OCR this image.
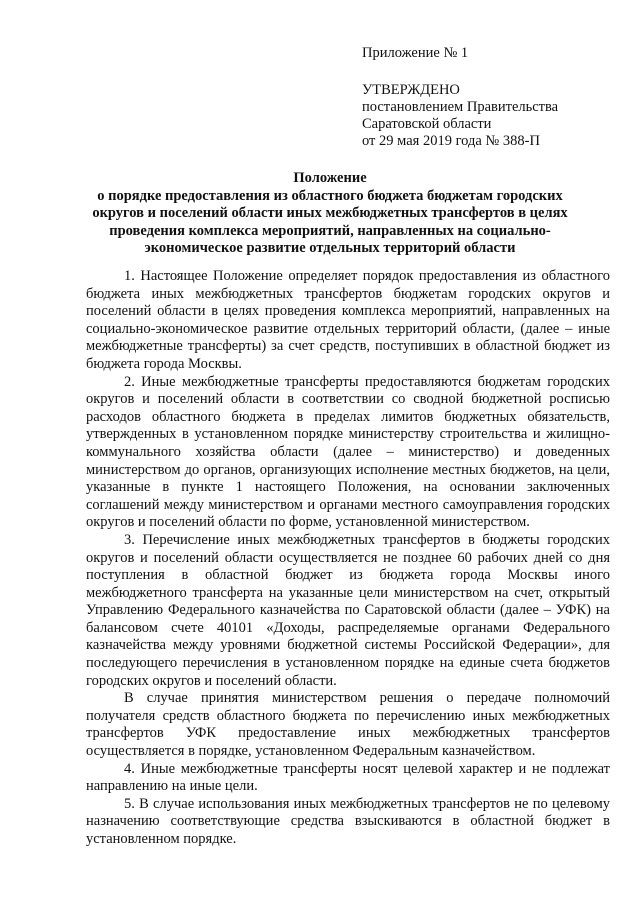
Приложение № 1
УТВЕРЖДЕНО
постановлением Правительства
Саратовской области
от 29 мая 2019 года № 388-П
Положение
о порядке предоставления из областного бюджета бюджетам городских
округов и поселений области иных межбюджетных трансфертов в целях
проведения комплекса мероприятий, направленных на социально-
экономическое развитие отдельных территорий области

1. Настоящее Положение определяет порядок предоставления из областного бюджета иных межбюджетных трансфертов бюджетам городских округов и поселений области в целях проведения комплекса мероприятий, направленных на социально-экономическое развитие отдельных территорий области, (далее – иные межбюджетные трансферты) за счет средств, поступивших в областной бюджет из бюджета города Москвы.

2. Иные межбюджетные трансферты предоставляются бюджетам городских округов и поселений области в соответствии со сводной бюджетной росписью расходов областного бюджета в пределах лимитов бюджетных обязательств, утвержденных в установленном порядке министерству строительства и жилищно-коммунального хозяйства области (далее – министерство) и доведенных министерством до органов, организующих исполнение местных бюджетов, на цели, указанные в пункте 1 настоящего Положения, на основании заключенных соглашений между министерством и органами местного самоуправления городских округов и поселений области по форме, установленной министерством.

3. Перечисление иных межбюджетных трансфертов в бюджеты городских округов и поселений области осуществляется не позднее 60 рабочих дней со дня поступления в областной бюджет из бюджета города Москвы иного межбюджетного трансферта на указанные цели министерством на счет, открытый Управлению Федерального казначейства по Саратовской области (далее – УФК) на балансовом счете 40101 «Доходы, распределяемые органами Федерального казначейства между уровнями бюджетной системы Российской Федерации», для последующего перечисления в установленном порядке на единые счета бюджетов городских округов и поселений области.

В случае принятия министерством решения о передаче полномочий получателя средств областного бюджета по перечислению иных межбюджетных трансфертов УФК предоставление иных межбюджетных трансфертов осуществляется в порядке, установленном Федеральным казначейством.

4. Иные межбюджетные трансферты носят целевой характер и не подлежат направлению на иные цели.

5. В случае использования иных межбюджетных трансфертов не по целевому назначению соответствующие средства взыскиваются в областной бюджет в установленном порядке.
